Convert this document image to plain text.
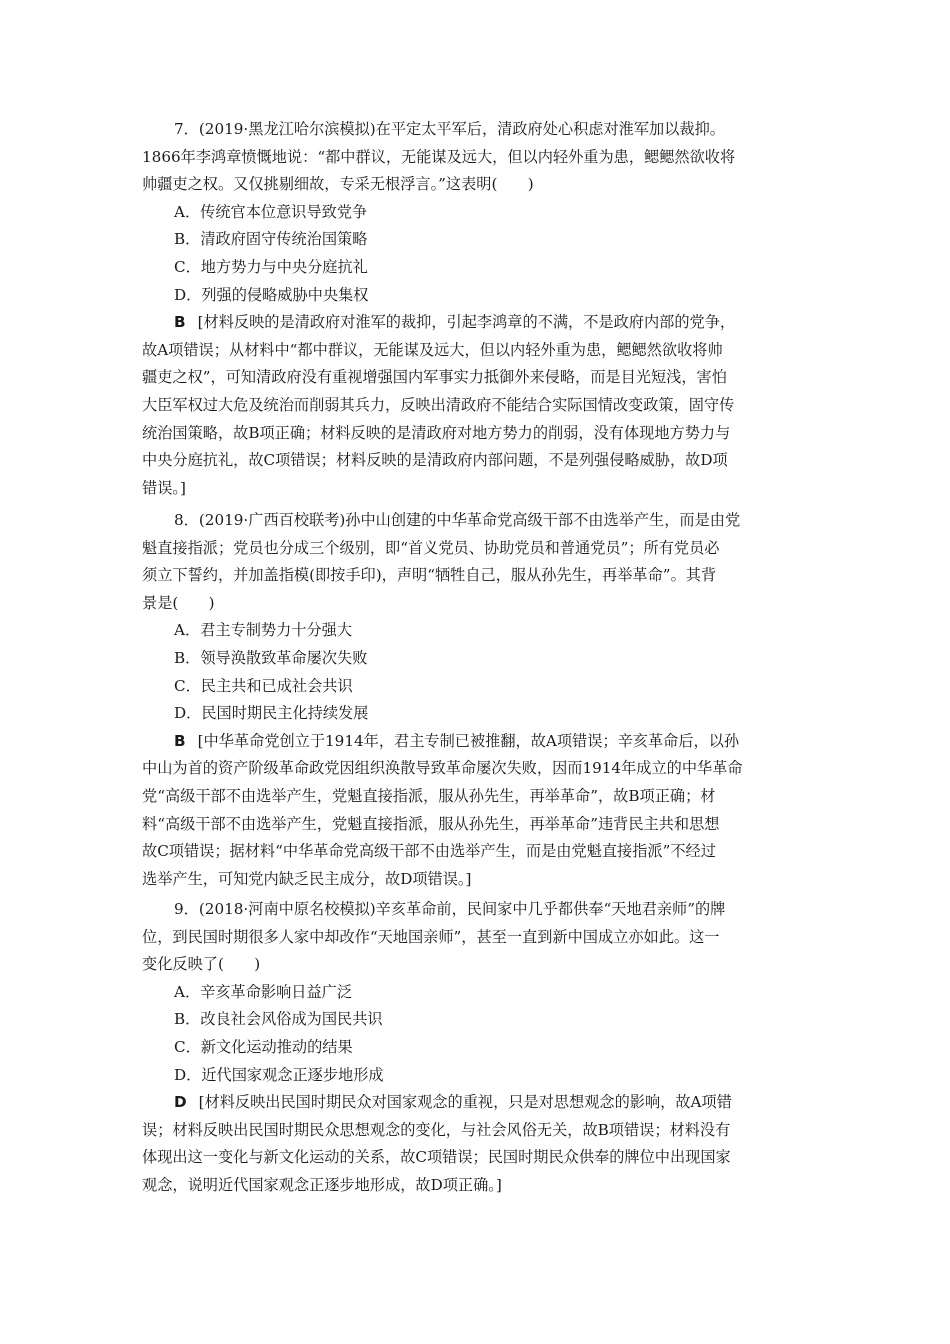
7．(2019·黑龙江哈尔滨模拟)在平定太平军后，清政府处心积虑对淮军加以裁抑。
1866年李鸿章愤慨地说：“都中群议，无能谋及远大，但以内轻外重为患，鳃鳃然欲收将
帅疆吏之权。又仅挑剔细故，专采无根浮言。”这表明(　　)
A．传统官本位意识导致党争
B．清政府固守传统治国策略
C．地方势力与中央分庭抗礼
D．列强的侵略威胁中央集权
B [材料反映的是清政府对淮军的裁抑，引起李鸿章的不满，不是政府内部的党争，
故A项错误；从材料中“都中群议，无能谋及远大，但以内轻外重为患，鳃鳃然欲收将帅
疆吏之权”，可知清政府没有重视增强国内军事实力抵御外来侵略，而是目光短浅，害怕
大臣军权过大危及统治而削弱其兵力，反映出清政府不能结合实际国情改变政策，固守传
统治国策略，故B项正确；材料反映的是清政府对地方势力的削弱，没有体现地方势力与
中央分庭抗礼，故C项错误；材料反映的是清政府内部问题，不是列强侵略威胁，故D项
错误。]
8．(2019·广西百校联考)孙中山创建的中华革命党高级干部不由选举产生，而是由党
魁直接指派；党员也分成三个级别，即“首义党员、协助党员和普通党员”；所有党员必
须立下誓约，并加盖指模(即按手印)，声明“牺牲自己，服从孙先生，再举革命”。其背
景是(　　)
A．君主专制势力十分强大
B．领导涣散致革命屡次失败
C．民主共和已成社会共识
D．民国时期民主化持续发展
B [中华革命党创立于1914年，君主专制已被推翻，故A项错误；辛亥革命后，以孙
中山为首的资产阶级革命政党因组织涣散导致革命屡次失败，因而1914年成立的中华革命
党“高级干部不由选举产生，党魁直接指派，服从孙先生，再举革命”，故B项正确；材
料“高级干部不由选举产生，党魁直接指派，服从孙先生，再举革命”违背民主共和思想
故C项错误；据材料“中华革命党高级干部不由选举产生，而是由党魁直接指派”不经过
选举产生，可知党内缺乏民主成分，故D项错误。]
9．(2018·河南中原名校模拟)辛亥革命前，民间家中几乎都供奉“天地君亲师”的牌
位，到民国时期很多人家中却改作“天地国亲师”，甚至一直到新中国成立亦如此。这一
变化反映了(　　)
A．辛亥革命影响日益广泛
B．改良社会风俗成为国民共识
C．新文化运动推动的结果
D．近代国家观念正逐步地形成
D [材料反映出民国时期民众对国家观念的重视，只是对思想观念的影响，故A项错
误；材料反映出民国时期民众思想观念的变化，与社会风俗无关，故B项错误；材料没有
体现出这一变化与新文化运动的关系，故C项错误；民国时期民众供奉的牌位中出现国家
观念，说明近代国家观念正逐步地形成，故D项正确。]
